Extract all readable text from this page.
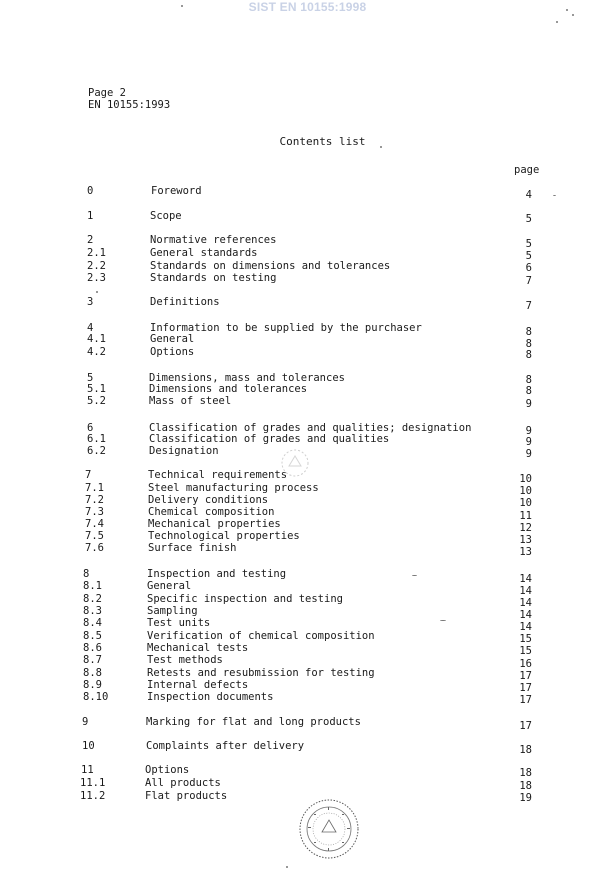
SIST EN 10155:1998
Page 2
EN 10155:1993
Contents list
page
0	Foreword	4
1	Scope	5
2	Normative references	5
2.1	General standards	5
2.2	Standards on dimensions and tolerances	6
2.3	Standards on testing	7
3	Definitions	7
4	Information to be supplied by the purchaser	8
4.1	General	8
4.2	Options	8
5	Dimensions, mass and tolerances	8
5.1	Dimensions and tolerances	8
5.2	Mass of steel	9
6	Classification of grades and qualities; designation	9
6.1	Classification of grades and qualities	9
6.2	Designation	9
7	Technical requirements	10
7.1	Steel manufacturing process	10
7.2	Delivery conditions	10
7.3	Chemical composition	11
7.4	Mechanical properties	12
7.5	Technological properties	13
7.6	Surface finish	13
8	Inspection and testing	14
8.1	General	14
8.2	Specific inspection and testing	14
8.3	Sampling	14
8.4	Test units	14
8.5	Verification of chemical composition	15
8.6	Mechanical tests	15
8.7	Test methods	16
8.8	Retests and resubmission for testing	17
8.9	Internal defects	17
8.10	Inspection documents	17
9	Marking for flat and long products	17
10	Complaints after delivery	18
11	Options	18
11.1	All products	18
11.2	Flat products	19
